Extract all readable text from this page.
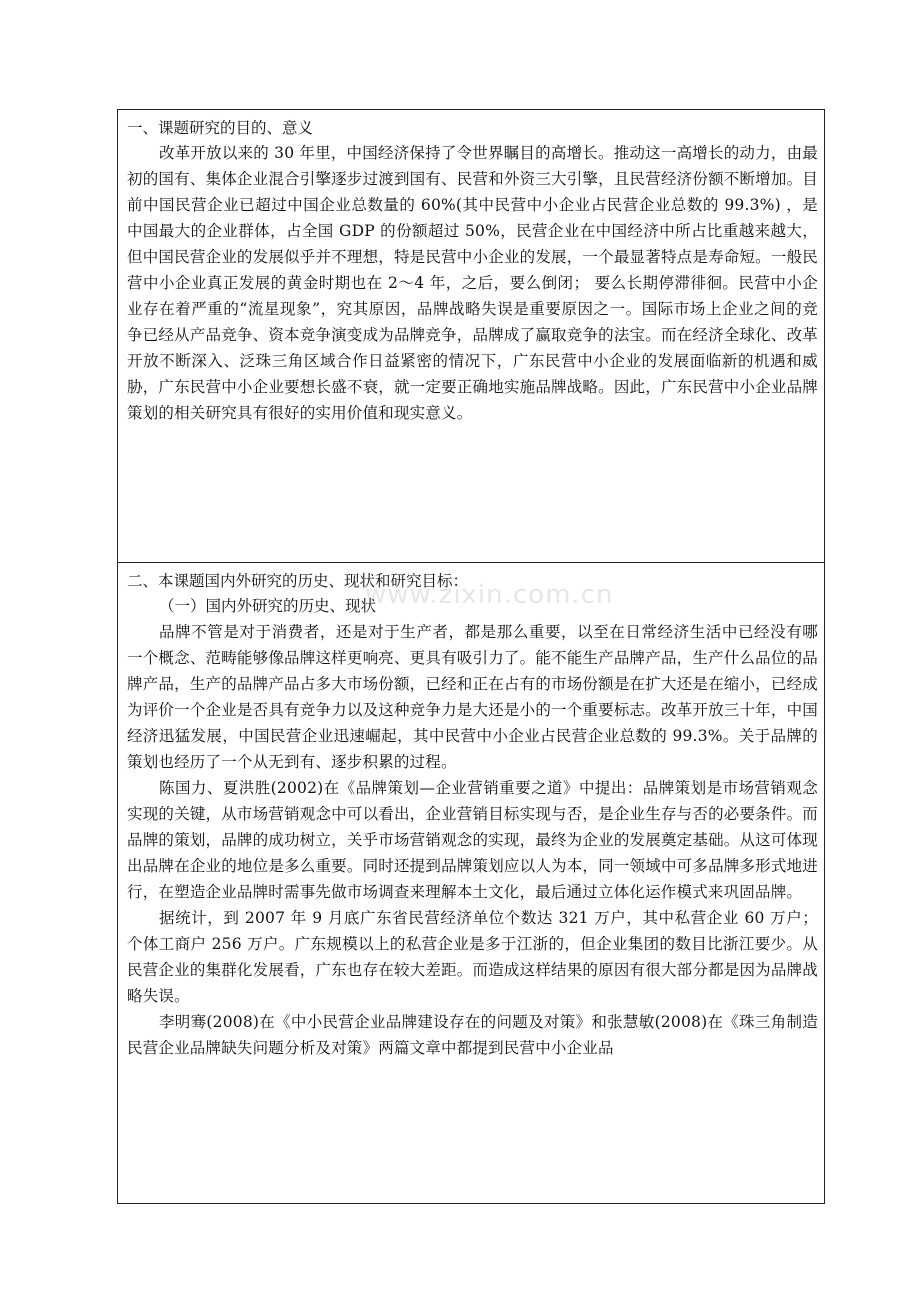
www.zixin.com.cn

一、课题研究的目的、意义

改革开放以来的 30 年里，中国经济保持了令世界瞩目的高增长。推动这一高增长的动力，由最初的国有、集体企业混合引擎逐步过渡到国有、民营和外资三大引擎，且民营经济份额不断增加。目前中国民营企业已超过中国企业总数量的 60%(其中民营中小企业占民营企业总数的 99.3%) ，是中国最大的企业群体，占全国 GDP 的份额超过 50%，民营企业在中国经济中所占比重越来越大，但中国民营企业的发展似乎并不理想，特是民营中小企业的发展，一个最显著特点是寿命短。一般民营中小企业真正发展的黄金时期也在 2～4 年，之后，要么倒闭； 要么长期停滞徘徊。民营中小企业存在着严重的“流星现象”，究其原因，品牌战略失误是重要原因之一。国际市场上企业之间的竞争已经从产品竞争、资本竞争演变成为品牌竞争，品牌成了赢取竞争的法宝。而在经济全球化、改革开放不断深入、泛珠三角区域合作日益紧密的情况下，广东民营中小企业的发展面临新的机遇和威胁，广东民营中小企业要想长盛不衰，就一定要正确地实施品牌战略。因此，广东民营中小企业品牌策划的相关研究具有很好的实用价值和现实意义。

二、本课题国内外研究的历史、现状和研究目标：

（一）国内外研究的历史、现状

品牌不管是对于消费者，还是对于生产者，都是那么重要，以至在日常经济生活中已经没有哪一个概念、范畴能够像品牌这样更响亮、更具有吸引力了。能不能生产品牌产品，生产什么品位的品牌产品，生产的品牌产品占多大市场份额，已经和正在占有的市场份额是在扩大还是在缩小，已经成为评价一个企业是否具有竞争力以及这种竞争力是大还是小的一个重要标志。改革开放三十年，中国经济迅猛发展，中国民营企业迅速崛起，其中民营中小企业占民营企业总数的 99.3%。关于品牌的策划也经历了一个从无到有、逐步积累的过程。

陈国力、夏洪胜(2002)在《品牌策划—企业营销重要之道》中提出：品牌策划是市场营销观念实现的关键，从市场营销观念中可以看出，企业营销目标实现与否，是企业生存与否的必要条件。而品牌的策划，品牌的成功树立，关乎市场营销观念的实现，最终为企业的发展奠定基础。从这可体现出品牌在企业的地位是多么重要。同时还提到品牌策划应以人为本，同一领域中可多品牌多形式地进行，在塑造企业品牌时需事先做市场调查来理解本土文化，最后通过立体化运作模式来巩固品牌。

据统计，到 2007 年 9 月底广东省民营经济单位个数达 321 万户，其中私营企业 60 万户； 个体工商户 256 万户。广东规模以上的私营企业是多于江浙的，但企业集团的数目比浙江要少。从民营企业的集群化发展看，广东也存在较大差距。而造成这样结果的原因有很大部分都是因为品牌战略失误。

李明骞(2008)在《中小民营企业品牌建设存在的问题及对策》和张慧敏(2008)在《珠三角制造民营企业品牌缺失问题分析及对策》两篇文章中都提到民营中小企业品
